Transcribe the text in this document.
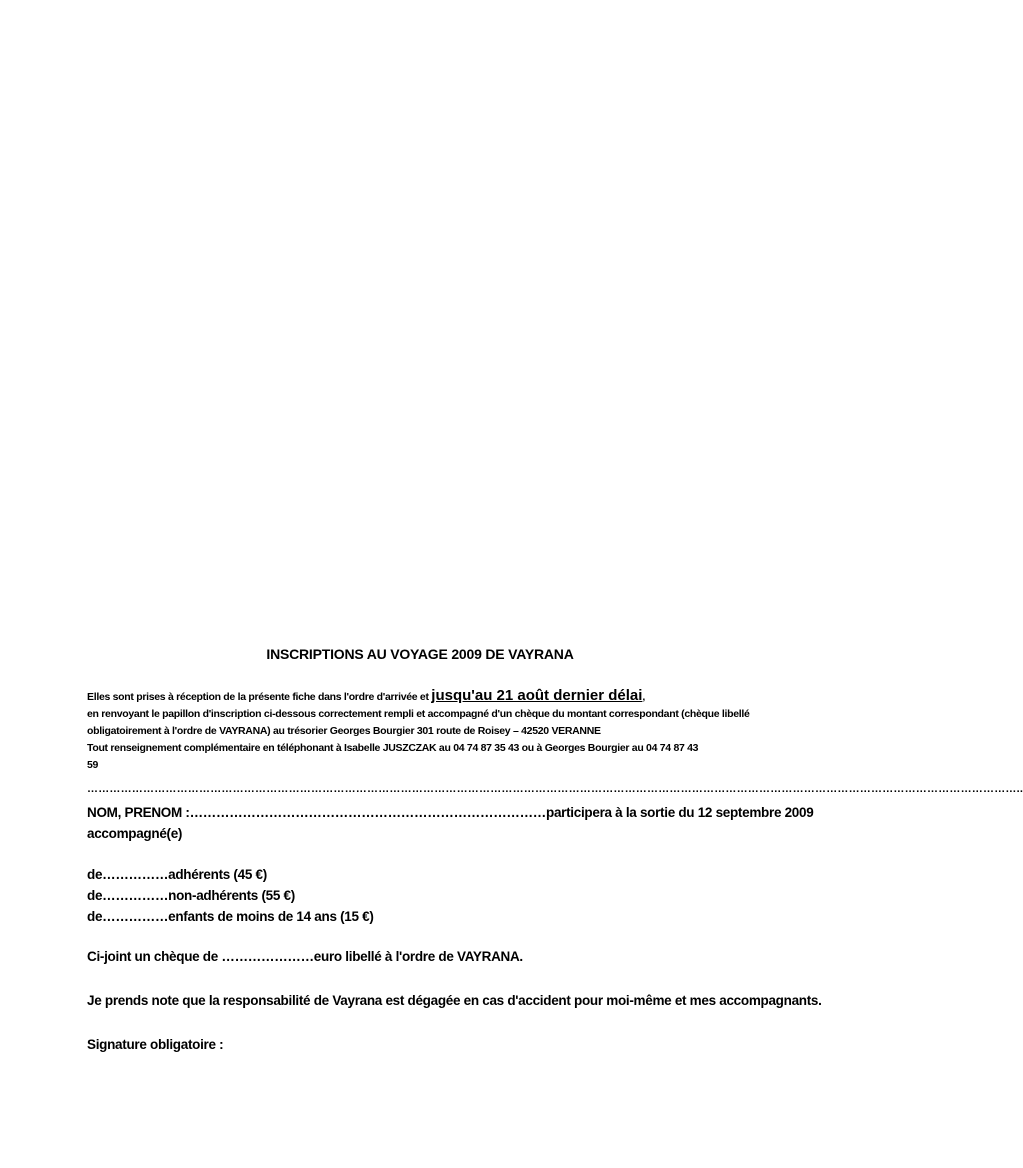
INSCRIPTIONS AU VOYAGE 2009 DE VAYRANA
Elles sont prises à réception de la présente fiche dans l'ordre d'arrivée et jusqu'au 21 août dernier délai,
en renvoyant le papillon d'inscription ci-dessous correctement rempli et accompagné d'un chèque du montant correspondant (chèque libellé
obligatoirement à l'ordre de VAYRANA) au trésorier Georges Bourgier 301 route de Roisey – 42520 VERANNE
Tout renseignement complémentaire en téléphonant à Isabelle JUSZCZAK au 04 74 87 35 43 ou à Georges Bourgier au 04 74 87 43
59
……………………………………………………………………………………………………………………………………………………………………………………………………………………………..
NOM, PRENOM :………………………………………………………………………participera à la sortie du 12 septembre 2009
accompagné(e)
de……………adhérents (45 €)
de……………non-adhérents (55 €)
de……………enfants de moins de 14 ans (15 €)
Ci-joint un chèque de …………………euro libellé à l'ordre de VAYRANA.
Je prends note que la responsabilité de Vayrana est dégagée en cas d'accident pour moi-même et mes accompagnants.
Signature obligatoire :
